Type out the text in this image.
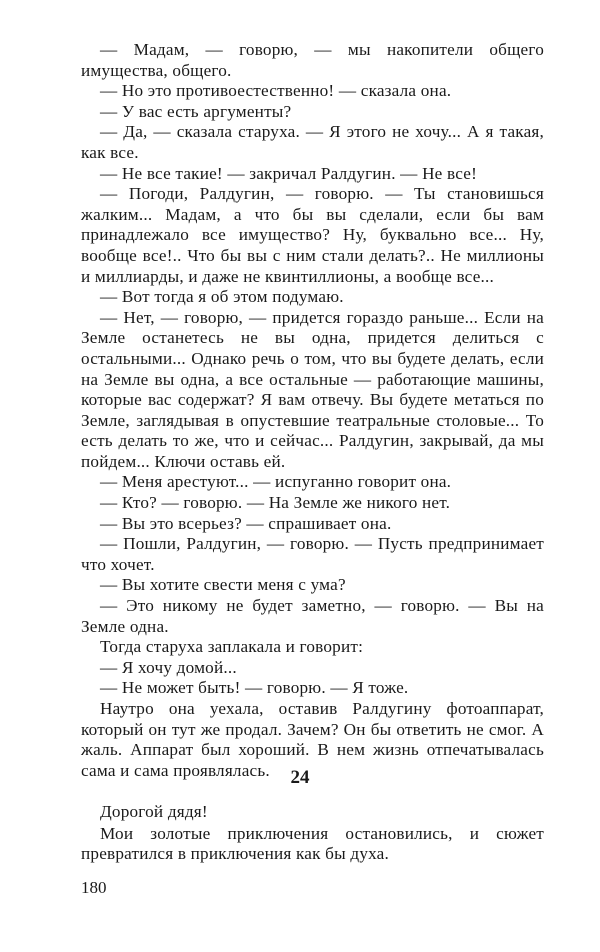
— Мадам, — говорю, — мы накопители общего имущества, общего.

— Но это противоестественно! — сказала она.

— У вас есть аргументы?

— Да, — сказала старуха. — Я этого не хочу... А я такая, как все.

— Не все такие! — закричал Ралдугин. — Не все!

— Погоди, Ралдугин, — говорю. — Ты становишься жалким... Мадам, а что бы вы сделали, если бы вам принадлежало все имущество? Ну, буквально все... Ну, вообще все!.. Что бы вы с ним стали делать?.. Не миллионы и миллиарды, и даже не квинтиллионы, а вообще все...

— Вот тогда я об этом подумаю.

— Нет, — говорю, — придется гораздо раньше... Если на Земле останетесь не вы одна, придется делиться с остальными... Однако речь о том, что вы будете делать, если на Земле вы одна, а все остальные — работающие машины, которые вас содержат? Я вам отвечу. Вы будете метаться по Земле, заглядывая в опустевшие театральные столовые... То есть делать то же, что и сейчас... Ралдугин, закрывай, да мы пойдем... Ключи оставь ей.

— Меня арестуют... — испуганно говорит она.

— Кто? — говорю. — На Земле же никого нет.

— Вы это всерьез? — спрашивает она.

— Пошли, Ралдугин, — говорю. — Пусть предпринимает что хочет.

— Вы хотите свести меня с ума?

— Это никому не будет заметно, — говорю. — Вы на Земле одна.

Тогда старуха заплакала и говорит:

— Я хочу домой...

— Не может быть! — говорю. — Я тоже.

Наутро она уехала, оставив Ралдугину фотоаппарат, который он тут же продал. Зачем? Он бы ответить не смог. А жаль. Аппарат был хороший. В нем жизнь отпечатывалась сама и сама проявлялась.	24

Дорогой дядя!

Мои золотые приключения остановились, и сюжет превратился в приключения как бы духа.

180
